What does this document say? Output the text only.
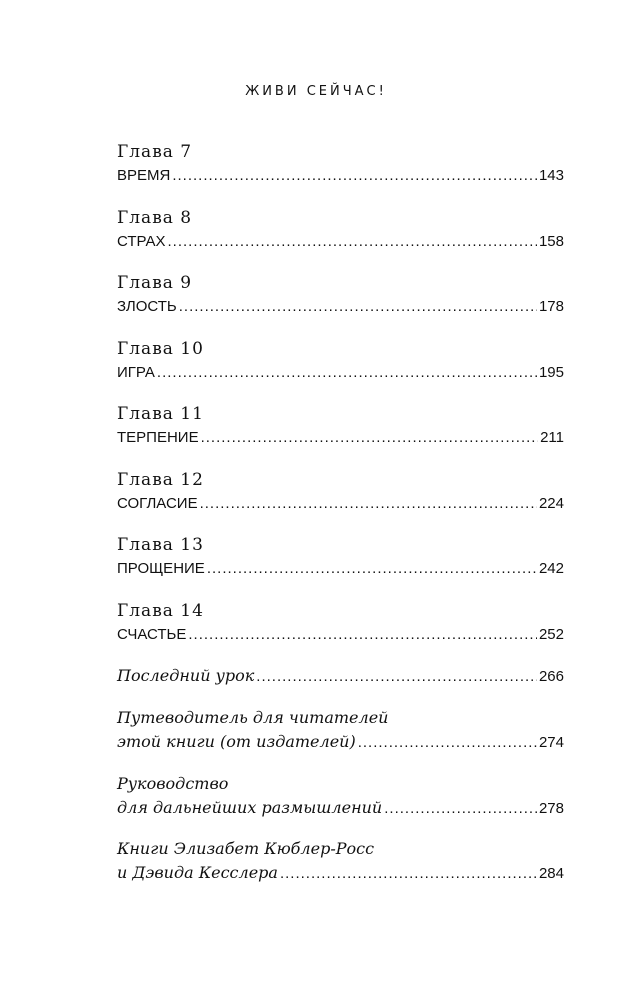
ЖИВИ СЕЙЧАС!
Глава 7
ВРЕМЯ .....	143
Глава 8
СТРАХ .....	158
Глава 9
ЗЛОСТЬ .....	178
Глава 10
ИГРА .....	195
Глава 11
ТЕРПЕНИЕ .....	211
Глава 12
СОГЛАСИЕ .....	224
Глава 13
ПРОЩЕНИЕ .....	242
Глава 14
СЧАСТЬЕ .....	252
Последний урок .....	266
Путеводитель для читателей
этой книги (от издателей) .....	274
Руководство
для дальнейших размышлений .....	278
Книги Элизабет Кюблер-Росс
и Дэвида Кесслера .....	284
